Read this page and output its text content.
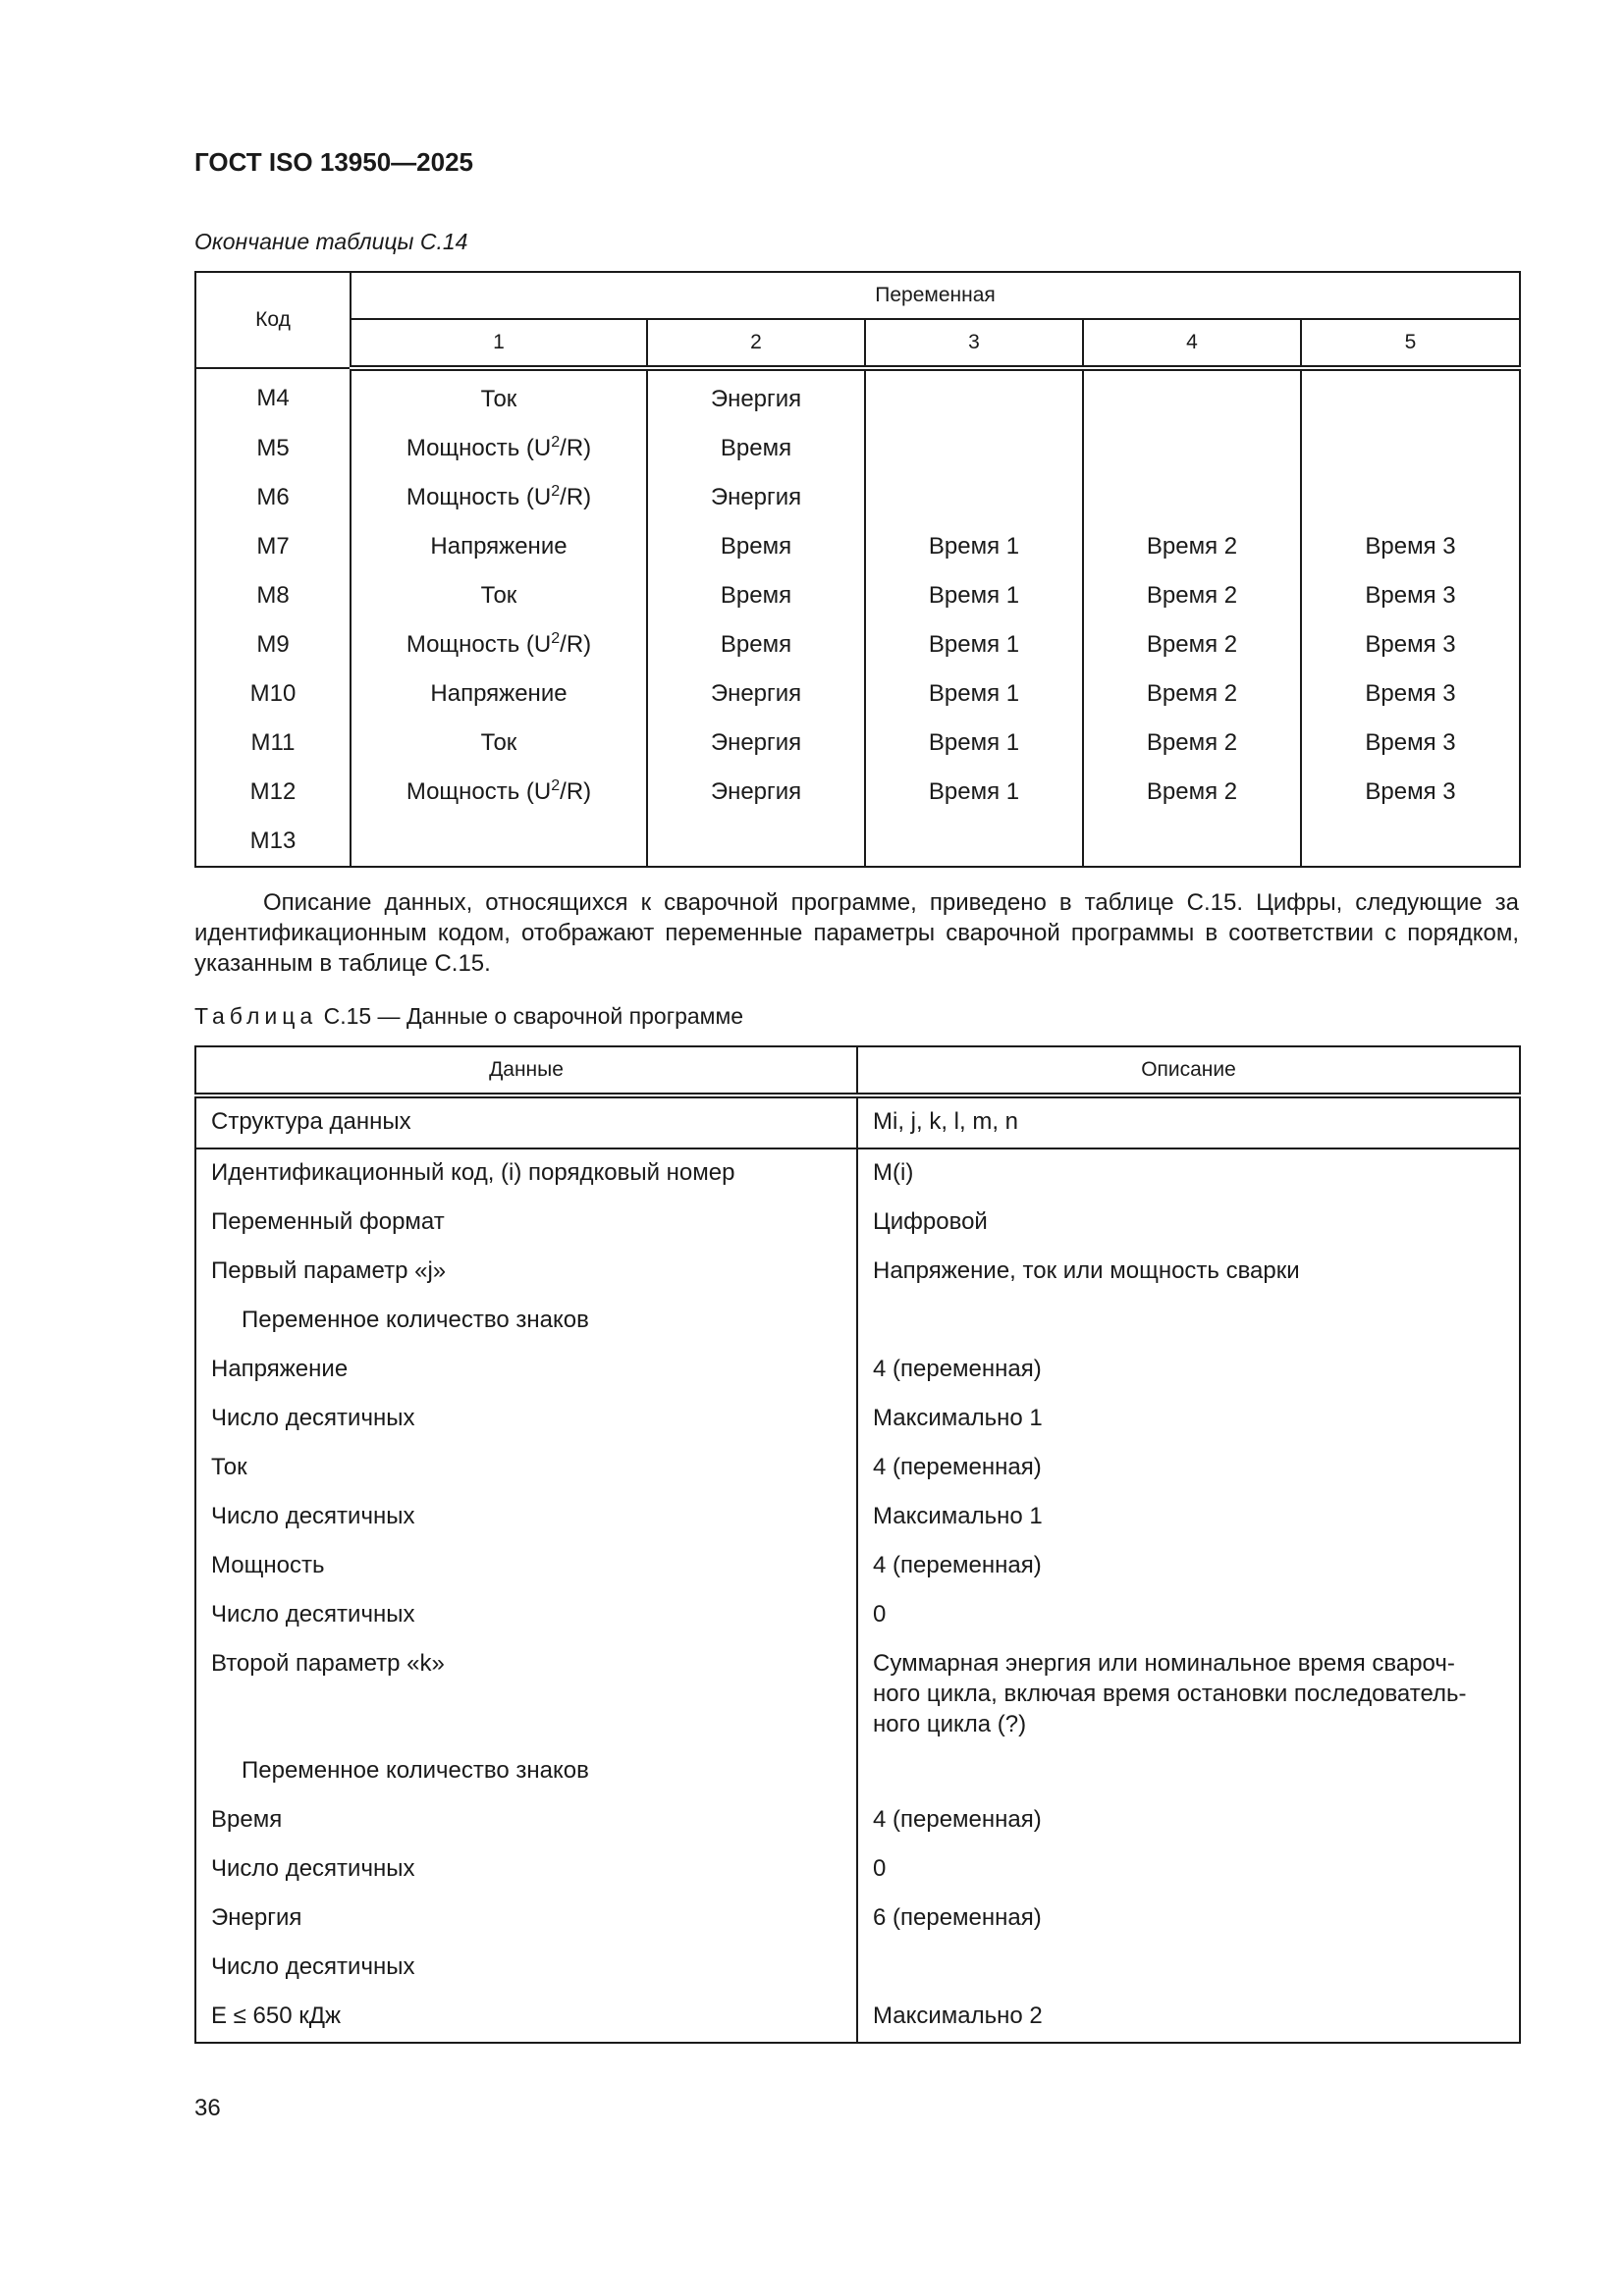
ГОСТ ISO 13950—2025
Окончание таблицы С.14
Код	Переменная				
	1	2	3	4	5
M4	Ток	Энергия			
M5	Мощность $(U^2/R)$	Время			
M6	Мощность $(U^2/R)$	Энергия			
M7	Напряжение	Время	Время 1	Время 2	Время 3
M8	Ток	Время	Время 1	Время 2	Время 3
M9	Мощность $(U^2/R)$	Время	Время 1	Время 2	Время 3
M10	Напряжение	Энергия	Время 1	Время 2	Время 3
M11	Ток	Энергия	Время 1	Время 2	Время 3
M12	Мощность $(U^2/R)$	Энергия	Время 1	Время 2	Время 3
M13					

Описание данных, относящихся к сварочной программе, приведено в таблице С.15. Цифры, следующие за идентификационным кодом, отображают переменные параметры сварочной программы в соответствии с порядком, указанным в таблице С.15.

Таблица С.15 — Данные о сварочной программе
Данные	Описание
Структура данных	Mi, j, k, l, m, n
Идентификационный код, (i) порядковый номер	M(i)
Переменный формат	Цифровой
Первый параметр «j»	Напряжение, ток или мощность сварки
Переменное количество знаков	
Напряжение	4 (переменная)
Число десятичных	Максимально 1
Ток	4 (переменная)
Число десятичных	Максимально 1
Мощность	4 (переменная)
Число десятичных	0
Второй параметр «k»	Суммарная энергия или номинальное время свароч-
ного цикла, включая время остановки последователь-
ного цикла (?)

Переменное количество знаков	
Время	4 (переменная)
Число десятичных	0
Энергия	6 (переменная)
Число десятичных	
E ≤ 650 кДж	Максимально 2
36
